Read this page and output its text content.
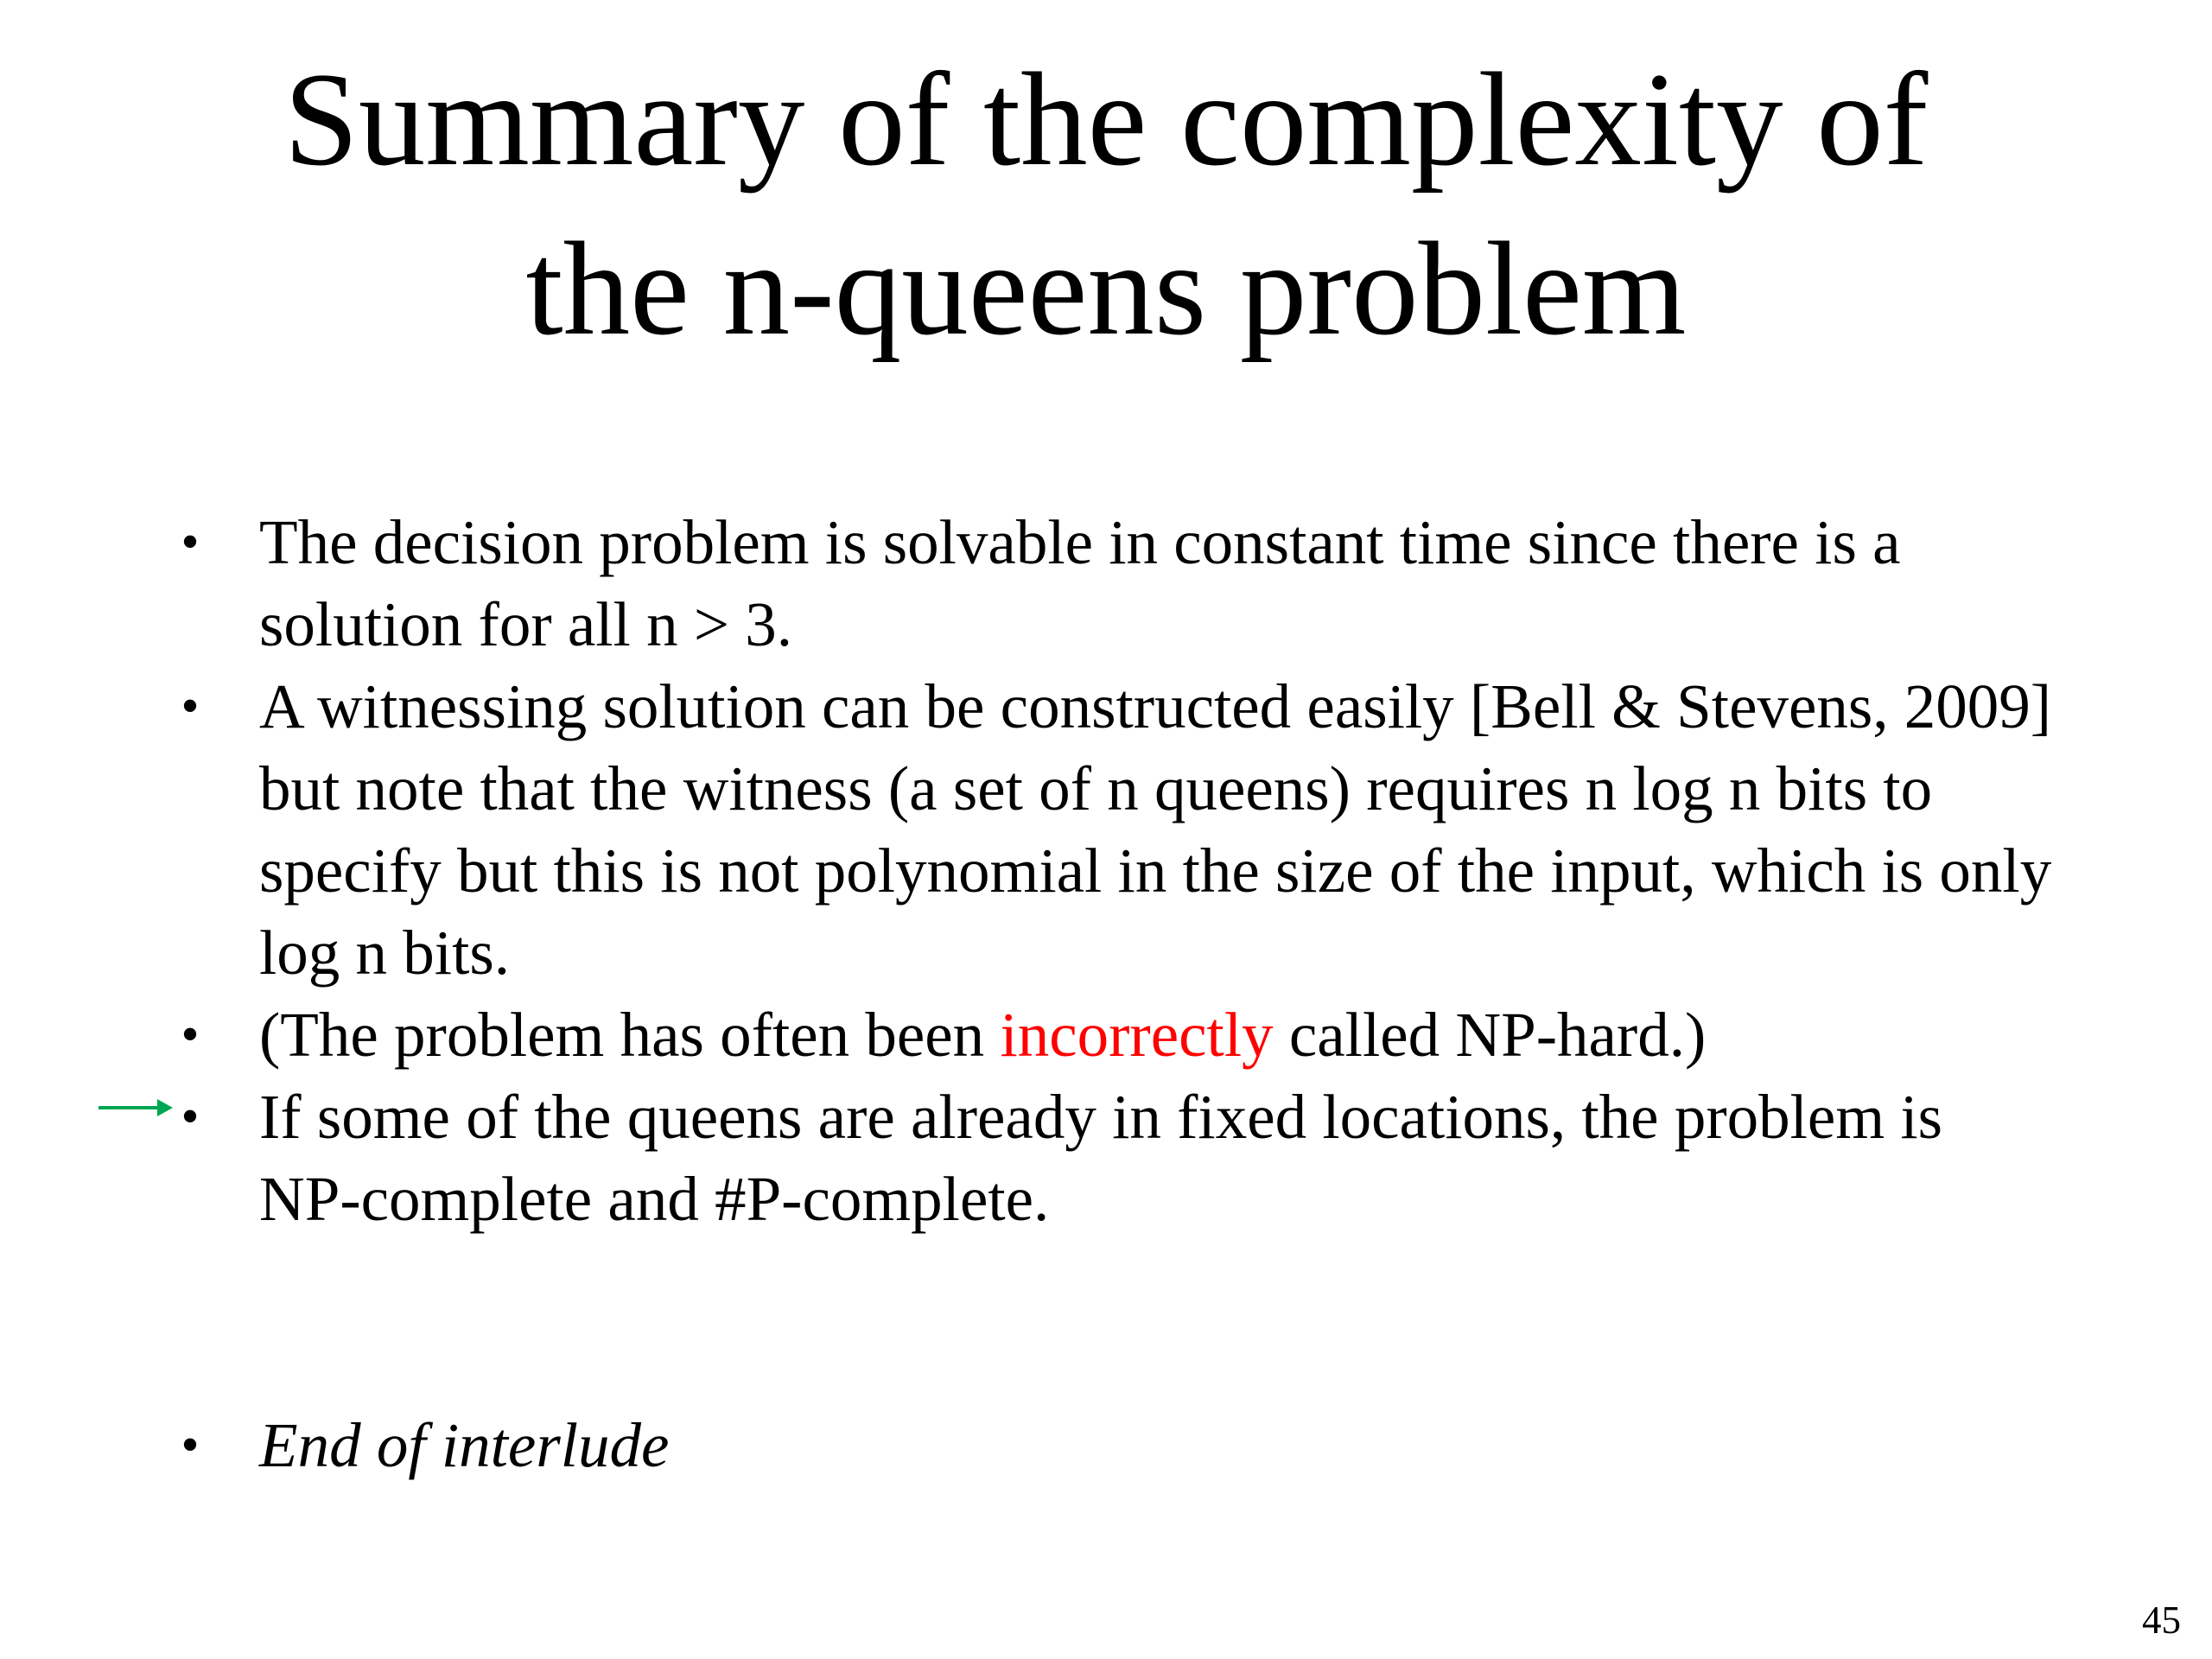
Summary of the complexity of
the n-queens problem
• The decision problem is solvable in constant time since there is a solution for all n > 3.
• A witnessing solution can be constructed easily [Bell & Stevens, 2009] but note that the witness (a set of n queens) requires n log n bits to specify but this is not polynomial in the size of the input, which is only log n bits.
• (The problem has often been incorrectly called NP-hard.)
• If some of the queens are already in fixed locations, the problem is NP-complete and #P-complete.
• End of interlude
45
